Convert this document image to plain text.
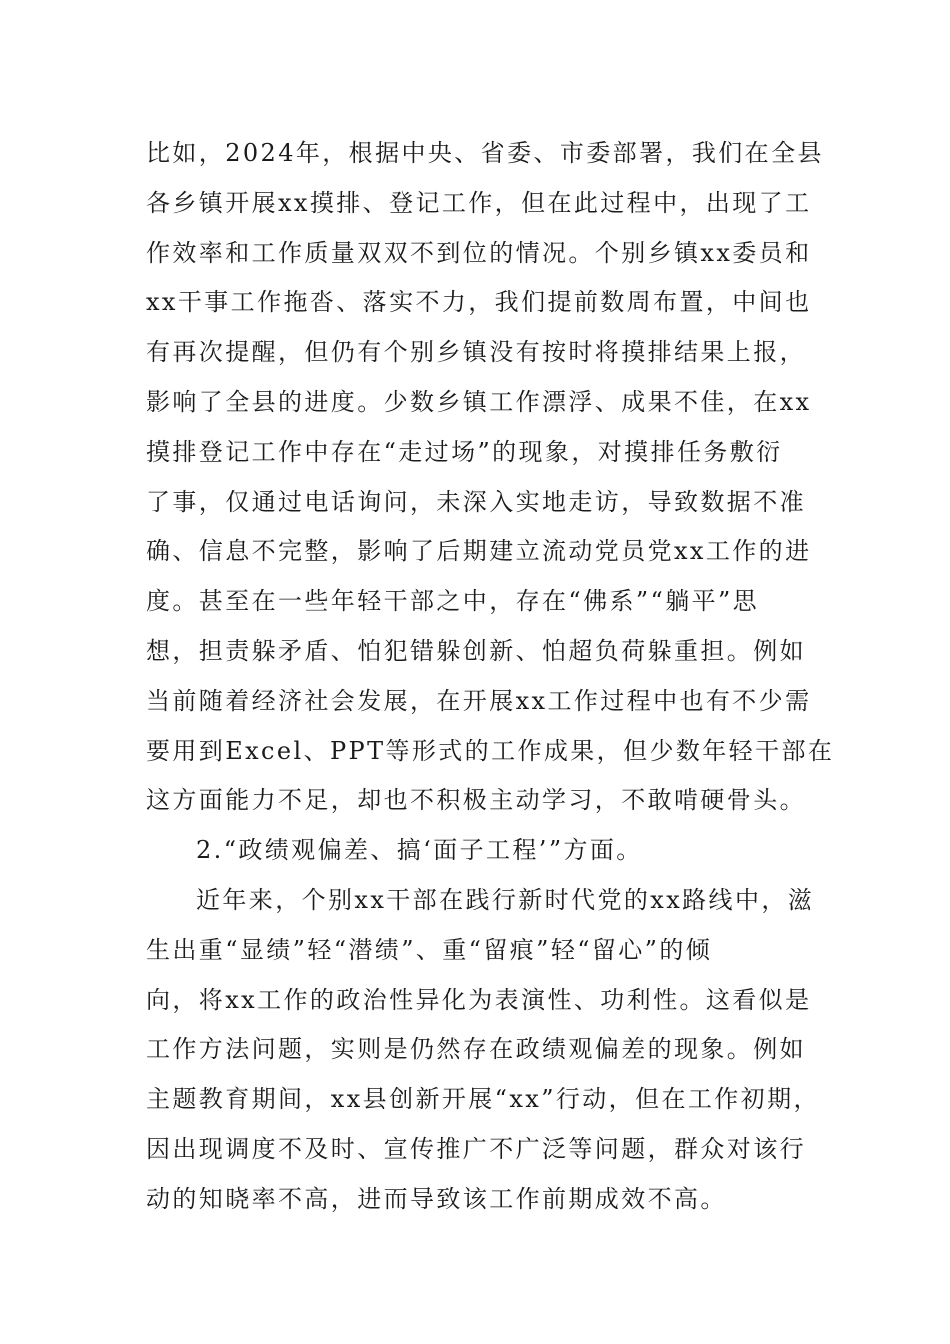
比如，2024年，根据中央、省委、市委部署，我们在全县
各乡镇开展xx摸排、登记工作，但在此过程中，出现了工
作效率和工作质量双双不到位的情况。个别乡镇xx委员和
xx干事工作拖沓、落实不力，我们提前数周布置，中间也
有再次提醒，但仍有个别乡镇没有按时将摸排结果上报，
影响了全县的进度。少数乡镇工作漂浮、成果不佳，在xx
摸排登记工作中存在“走过场”的现象，对摸排任务敷衍
了事，仅通过电话询问，未深入实地走访，导致数据不准
确、信息不完整，影响了后期建立流动党员党xx工作的进
度。甚至在一些年轻干部之中，存在“佛系”“躺平”思
想，担责躲矛盾、怕犯错躲创新、怕超负荷躲重担。例如
当前随着经济社会发展，在开展xx工作过程中也有不少需
要用到Excel、PPT等形式的工作成果，但少数年轻干部在
这方面能力不足，却也不积极主动学习，不敢啃硬骨头。
2.“政绩观偏差、搞‘面子工程’”方面。
近年来，个别xx干部在践行新时代党的xx路线中，滋
生出重“显绩”轻“潜绩”、重“留痕”轻“留心”的倾
向，将xx工作的政治性异化为表演性、功利性。这看似是
工作方法问题，实则是仍然存在政绩观偏差的现象。例如
主题教育期间，xx县创新开展“xx”行动，但在工作初期，
因出现调度不及时、宣传推广不广泛等问题，群众对该行
动的知晓率不高，进而导致该工作前期成效不高。
